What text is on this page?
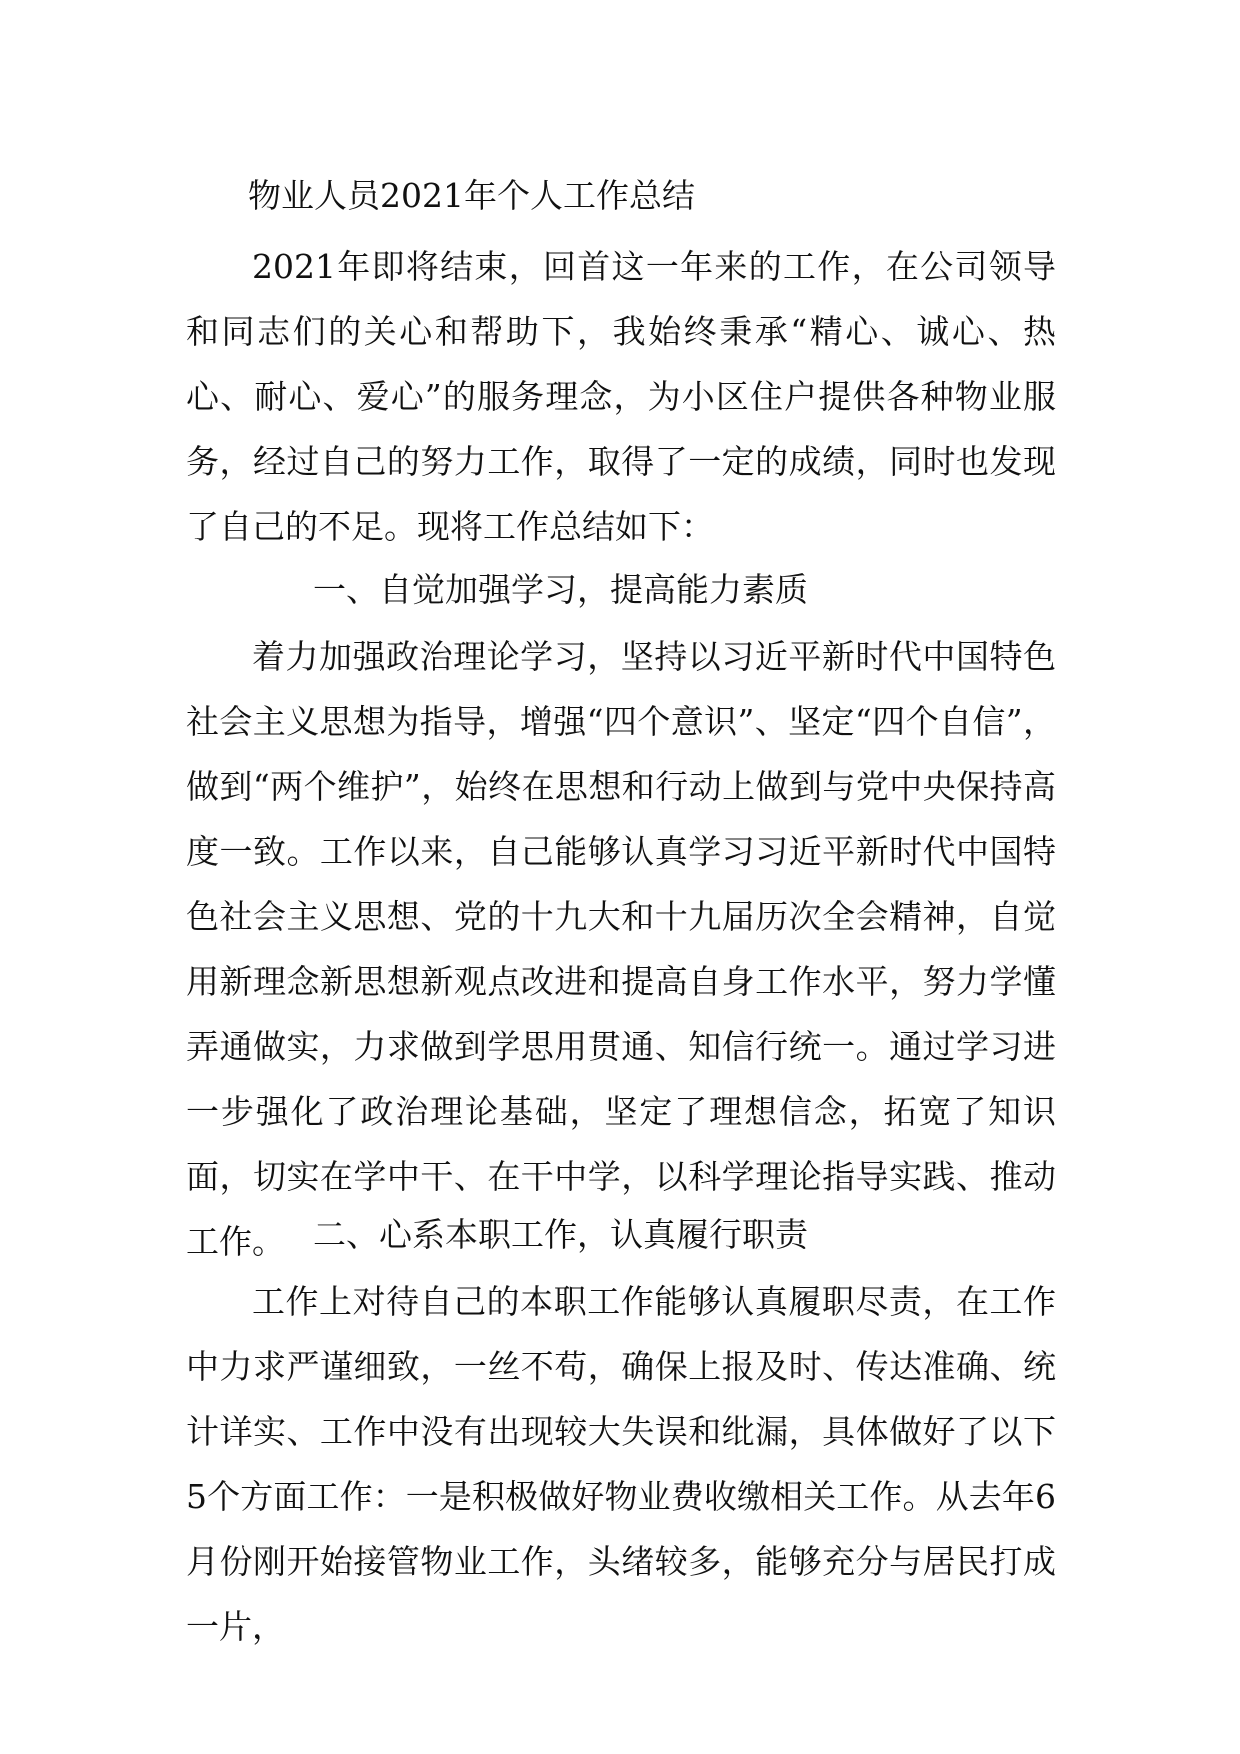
物业人员2021年个人工作总结

2021年即将结束，回首这一年来的工作，在公司领导和同志们的关心和帮助下，我始终秉承“精心、诚心、热心、耐心、爱心”的服务理念，为小区住户提供各种物业服务，经过自己的努力工作，取得了一定的成绩，同时也发现了自己的不足。现将工作总结如下：

一、自觉加强学习，提高能力素质

着力加强政治理论学习，坚持以习近平新时代中国特色社会主义思想为指导，增强“四个意识”、坚定“四个自信”，做到“两个维护”，始终在思想和行动上做到与党中央保持高度一致。工作以来，自己能够认真学习习近平新时代中国特色社会主义思想、党的十九大和十九届历次全会精神，自觉用新理念新思想新观点改进和提高自身工作水平，努力学懂弄通做实，力求做到学思用贯通、知信行统一。通过学习进一步强化了政治理论基础，坚定了理想信念，拓宽了知识面，切实在学中干、在干中学，以科学理论指导实践、推动工作。 二、心系本职工作，认真履行职责

工作上对待自己的本职工作能够认真履职尽责，在工作中力求严谨细致，一丝不苟，确保上报及时、传达准确、统计详实、工作中没有出现较大失误和纰漏，具体做好了以下5个方面工作：一是积极做好物业费收缴相关工作。从去年6月份刚开始接管物业工作，头绪较多，能够充分与居民打成一片，
